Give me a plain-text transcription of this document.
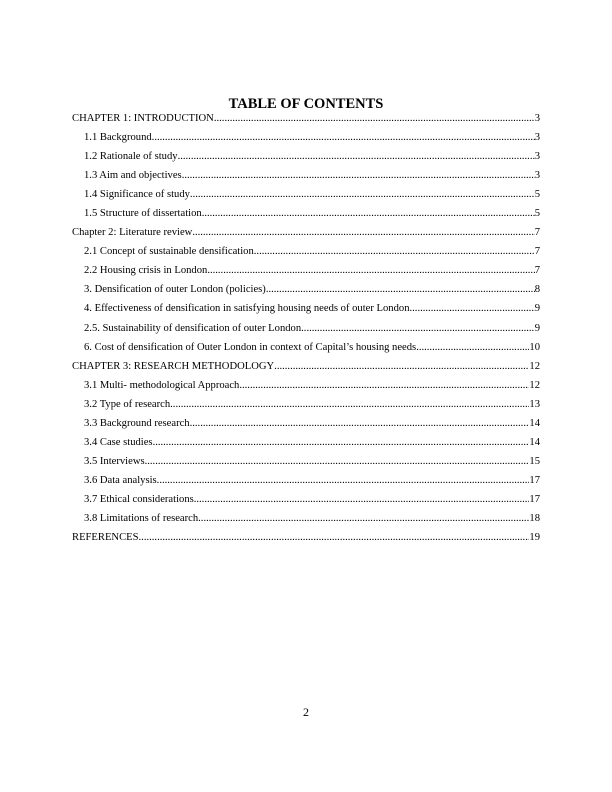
TABLE OF CONTENTS
CHAPTER 1: INTRODUCTION .....	3
1.1 Background .....	3
1.2 Rationale of study .....	3
1.3 Aim and objectives .....	3
1.4 Significance of study .....	5
1.5 Structure of dissertation .....	5
Chapter 2: Literature review .....	7
2.1 Concept of sustainable densification .....	7
2.2 Housing crisis in London .....	7
3. Densification of outer London (policies) .....	8
4. Effectiveness of densification in satisfying housing needs of outer London .....	9
2.5. Sustainability of densification of outer London .....	9
6. Cost of densification of Outer London in context of Capital’s housing needs .....	10
CHAPTER 3: RESEARCH METHODOLOGY .....	12
3.1 Multi- methodological Approach .....	12
3.2 Type of research .....	13
3.3 Background research .....	14
3.4 Case studies .....	14
3.5 Interviews .....	15
3.6 Data analysis .....	17
3.7 Ethical considerations .....	17
3.8 Limitations of research .....	18
REFERENCES .....	19
2
